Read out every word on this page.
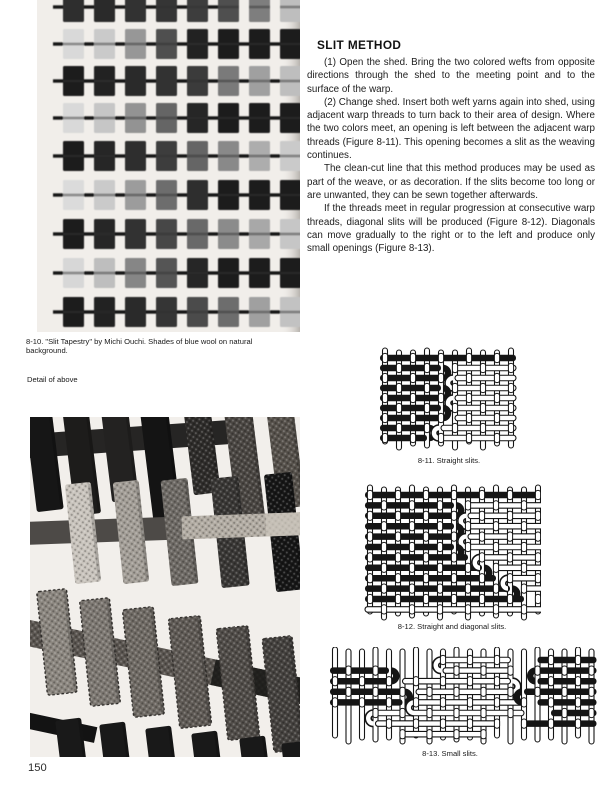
8-10. "Slit Tapestry" by Michi Ouchi. Shades of blue wool on natural background.
Detail of above
150
SLIT METHOD

(1) Open the shed. Bring the two colored wefts from opposite directions through the shed to the meeting point and to the surface of the warp.

(2) Change shed. Insert both weft yarns again into shed, using adjacent warp threads to turn back to their area of design. Where the two colors meet, an opening is left between the adjacent warp threads (Figure 8-11). This opening becomes a slit as the weaving continues.

The clean-cut line that this method produces may be used as part of the weave, or as decoration. If the slits become too long or are unwanted, they can be sewn together afterwards.

If the threads meet in regular progression at consecutive warp threads, diagonal slits will be produced (Figure 8-12). Diagonals can move gradually to the right or to the left and produce only small openings (Figure 8-13).

8-11. Straight slits.
8-12. Straight and diagonal slits.
8-13. Small slits.
